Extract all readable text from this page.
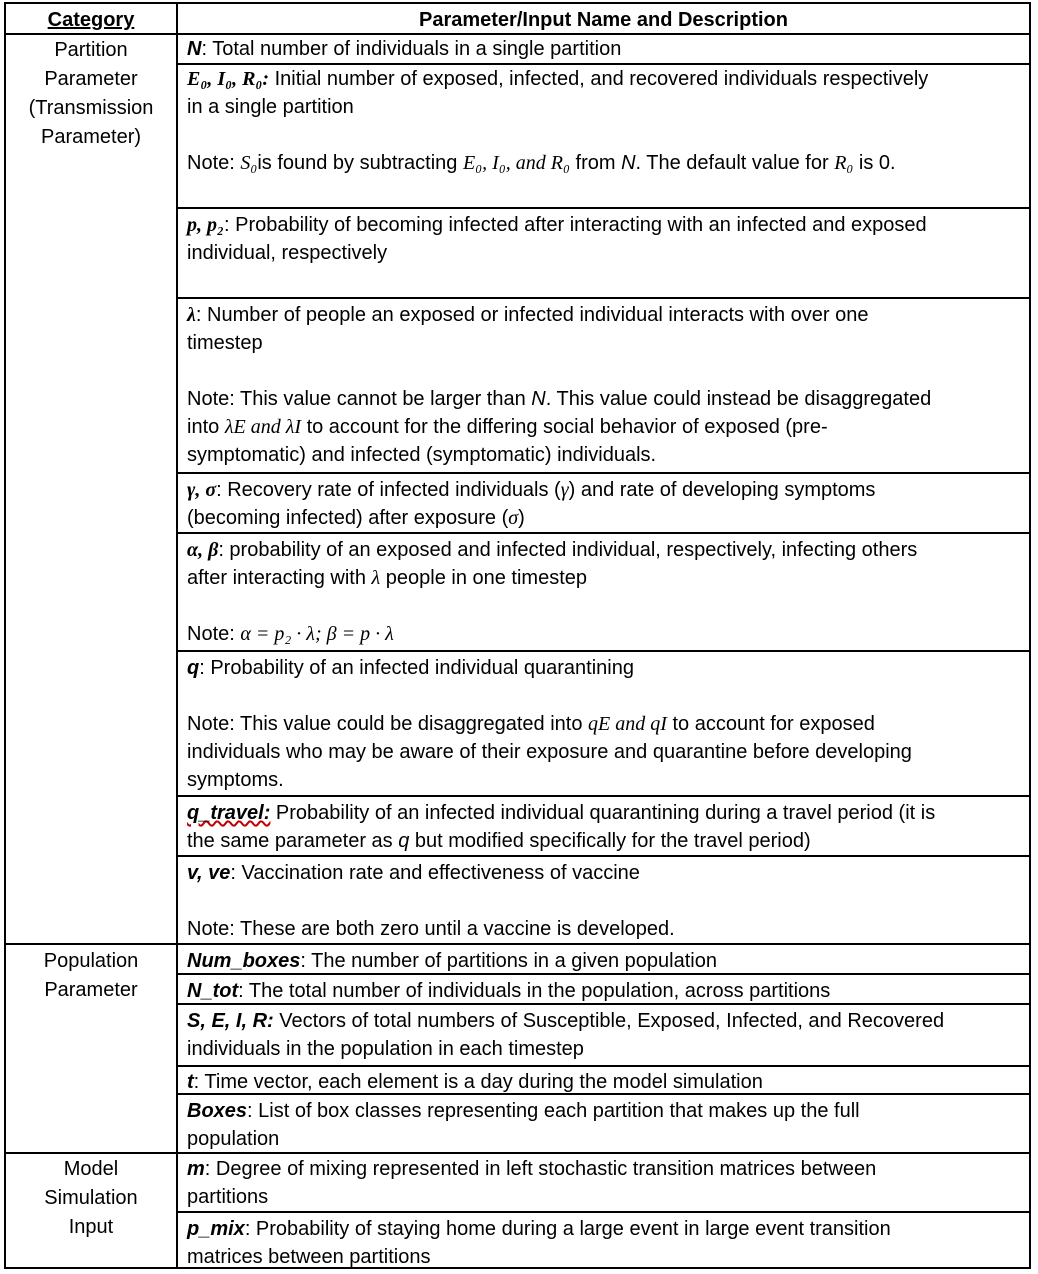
Category	Parameter/Input Name and Description
Partition
Parameter
(Transmission
Parameter)
Population
Parameter
Model
Simulation
Input
N: Total number of individuals in a single partition
E₀, I₀, R₀: Initial number of exposed, infected, and recovered individuals respectively
in a single partition

Note: S₀is found by subtracting E₀, I₀, and R₀ from N. The default value for R₀ is 0.
p, p₂: Probability of becoming infected after interacting with an infected and exposed
individual, respectively
λ: Number of people an exposed or infected individual interacts with over one
timestep

Note: This value cannot be larger than N. This value could instead be disaggregated
into λE and λI to account for the differing social behavior of exposed (pre-
symptomatic) and infected (symptomatic) individuals.
γ, σ: Recovery rate of infected individuals (γ) and rate of developing symptoms
(becoming infected) after exposure (σ)
α, β: probability of an exposed and infected individual, respectively, infecting others
after interacting with λ people in one timestep

Note: α = p₂ · λ; β = p · λ
q: Probability of an infected individual quarantining

Note: This value could be disaggregated into qE and qI to account for exposed
individuals who may be aware of their exposure and quarantine before developing
symptoms.
q_travel: Probability of an infected individual quarantining during a travel period (it is
the same parameter as q but modified specifically for the travel period)
v, ve: Vaccination rate and effectiveness of vaccine

Note: These are both zero until a vaccine is developed.
Num_boxes: The number of partitions in a given population
N_tot: The total number of individuals in the population, across partitions
S, E, I, R: Vectors of total numbers of Susceptible, Exposed, Infected, and Recovered
individuals in the population in each timestep
t: Time vector, each element is a day during the model simulation
Boxes: List of box classes representing each partition that makes up the full
population
m: Degree of mixing represented in left stochastic transition matrices between
partitions
p_mix: Probability of staying home during a large event in large event transition
matrices between partitions
